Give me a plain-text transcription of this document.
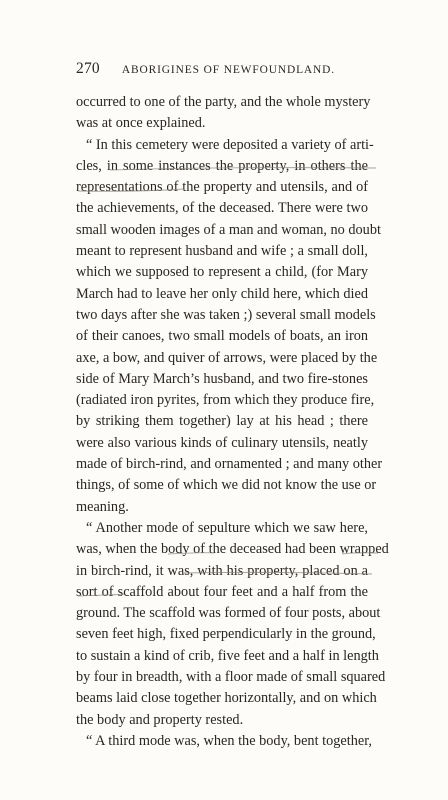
270 ABORIGINES OF NEWFOUNDLAND.
occurred to one of the party, and the whole mystery
was at once explained.
“ In this cemetery were deposited a variety of arti-
cles, in some instances the property, in others the
representations of the property and utensils, and of
the achievements, of the deceased. There were two
small wooden images of a man and woman, no doubt
meant to represent husband and wife ; a small doll,
which we supposed to represent a child, (for Mary
March had to leave her only child here, which died
two days after she was taken ;) several small models
of their canoes, two small models of boats, an iron
axe, a bow, and quiver of arrows, were placed by the
side of Mary March’s husband, and two fire-stones
(radiated iron pyrites, from which they produce fire,
by striking them together) lay at his head ; there
were also various kinds of culinary utensils, neatly
made of birch-rind, and ornamented ; and many other
things, of some of which we did not know the use or
meaning.
“ Another mode of sepulture which we saw here,
was, when the body of the deceased had been wrapped
in birch-rind, it was, with his property, placed on a
sort of scaffold about four feet and a half from the
ground. The scaffold was formed of four posts, about
seven feet high, fixed perpendicularly in the ground,
to sustain a kind of crib, five feet and a half in length
by four in breadth, with a floor made of small squared
beams laid close together horizontally, and on which
the body and property rested.
“ A third mode was, when the body, bent together,
